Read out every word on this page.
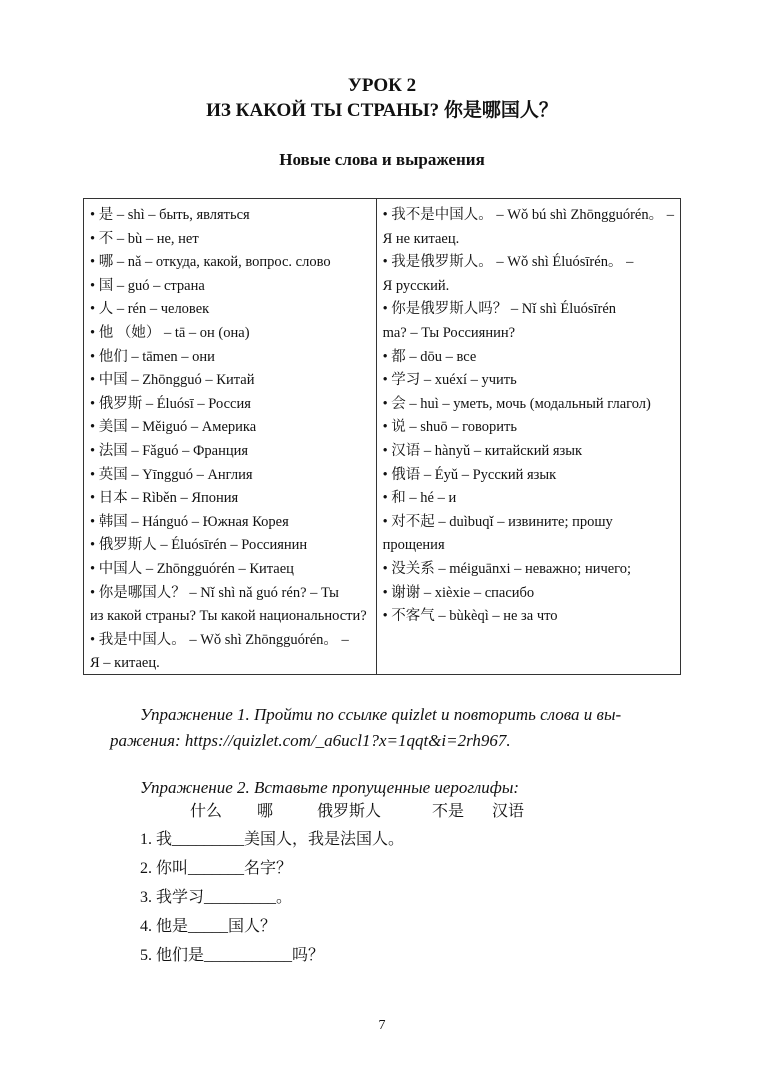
УРОК 2
ИЗ КАКОЙ ТЫ СТРАНЫ? 你是哪国人？
Новые слова и выражения
• 是 – shì – быть, являться
• 不 – bù – не, нет
• 哪 – nǎ – откуда, какой, вопрос. слово
• 国 – guó – страна
• 人 – rén – человек
• 他 （她） – tā – он (она)
• 他们 – tāmen – они
• 中国 – Zhōngguó – Китай
• 俄罗斯 – Éluósī – Россия
• 美国 – Měiguó – Америка
• 法国 – Fǎguó – Франция
• 英国 – Yīngguó – Англия
• 日本 – Rìběn – Япония
• 韩国 – Hánguó – Южная Корея
• 俄罗斯人 – Éluósīrén – Россиянин
• 中国人 – Zhōngguórén – Китаец
• 你是哪国人？ – Nǐ shì nǎ guó rén? – Ты
из какой страны? Ты какой национальности?
• 我是中国人。 – Wǒ shì Zhōngguórén。 –
Я – китаец.
• 我不是中国人。 – Wǒ bú shì Zhōngguórén。 –
Я не китаец.
• 我是俄罗斯人。 – Wǒ shì Éluósīrén。 –
Я русский.
• 你是俄罗斯人吗？ – Nǐ shì Éluósīrén
ma? – Ты Россиянин?
• 都 – dōu – все
• 学习 – xuéxí – учить
• 会 – huì – уметь, мочь (модальный глагол)
• 说 – shuō – говорить
• 汉语 – hànyǔ – китайский язык
• 俄语 – Éyǔ – Русский язык
• 和 – hé – и
• 对不起 – duìbuqǐ – извините; прошу
прощения
• 没关系 – méiguānxi – неважно; ничего;
• 谢谢 – xièxie – спасибо
• 不客气 – bùkèqì – не за что
Упражнение 1. Пройти по ссылке quizlet и повторить слова и вы-
ражения: https://quizlet.com/_a6ucl1?x=1qqt&i=2rh967.
Упражнение 2. Вставьте пропущенные иероглифы:
什么 哪	俄罗斯人	不是 汉语
1. 我_________美国人，我是法国人。
2. 你叫_______名字？
3. 我学习_________。
4. 他是_____国人？
5. 他们是___________吗？
7
